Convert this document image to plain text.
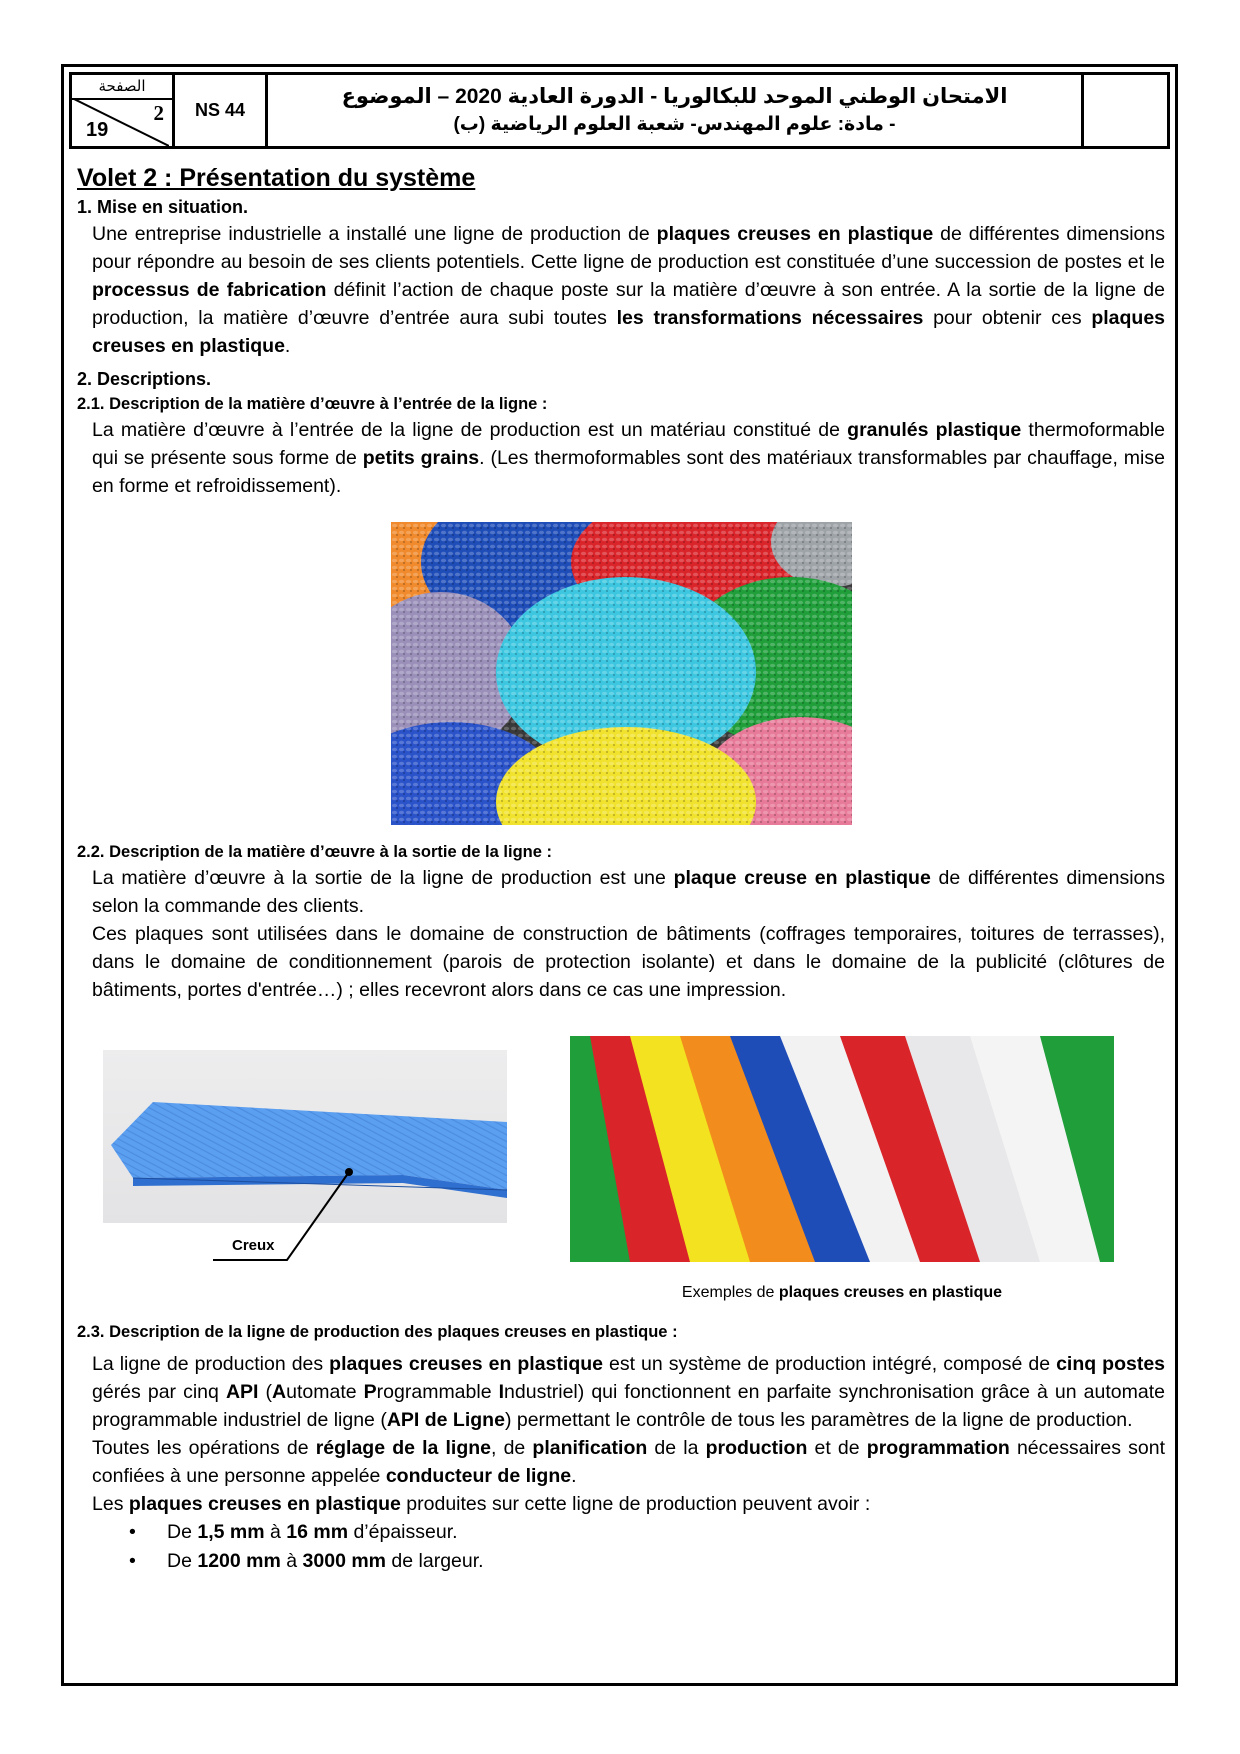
الصفحة
2
19
NS 44
الامتحان الوطني الموحد للبكالوريا - الدورة العادية 2020 – الموضوع
- مادة: علوم المهندس- شعبة العلوم الرياضية (ب)
Volet 2 : Présentation du système
1. Mise en situation.

Une entreprise industrielle a installé une ligne de production de plaques creuses en plastique de différentes dimensions pour répondre au besoin de ses clients potentiels. Cette ligne de production est constituée d’une succession de postes et le processus de fabrication définit l’action de chaque poste sur la matière d’œuvre à son entrée. A la sortie de la ligne de production, la matière d’œuvre d’entrée aura subi toutes les transformations nécessaires pour obtenir ces plaques creuses en plastique.

2. Descriptions.
2.1. Description de la matière d’œuvre à l’entrée de la ligne :

La matière d’œuvre à l’entrée de la ligne de production est un matériau constitué de granulés plastique thermoformable qui se présente sous forme de petits grains. (Les thermoformables sont des matériaux transformables par chauffage, mise en forme et refroidissement).

2.2. Description de la matière d’œuvre à la sortie de la ligne :

La matière d’œuvre à la sortie de la ligne de production est une plaque creuse en plastique de différentes dimensions selon la commande des clients.

Ces plaques sont utilisées dans le domaine de construction de bâtiments (coffrages temporaires, toitures de terrasses), dans le domaine de conditionnement (parois de protection isolante) et dans le domaine de la publicité (clôtures de bâtiments, portes d'entrée…) ; elles recevront alors dans ce cas une impression.

Creux
Exemples de plaques creuses en plastique
2.3. Description de la ligne de production des plaques creuses en plastique :

La ligne de production des plaques creuses en plastique est un système de production intégré, composé de cinq postes gérés par cinq API (Automate Programmable Industriel) qui fonctionnent en parfaite synchronisation grâce à un automate programmable industriel de ligne (API de Ligne) permettant le contrôle de tous les paramètres de la ligne de production.

Toutes les opérations de réglage de la ligne, de planification de la production et de programmation nécessaires sont confiées à une personne appelée conducteur de ligne.

Les plaques creuses en plastique produites sur cette ligne de production peuvent avoir :

• De 1,5 mm à 16 mm d’épaisseur.
• De 1200 mm à 3000 mm de largeur.
